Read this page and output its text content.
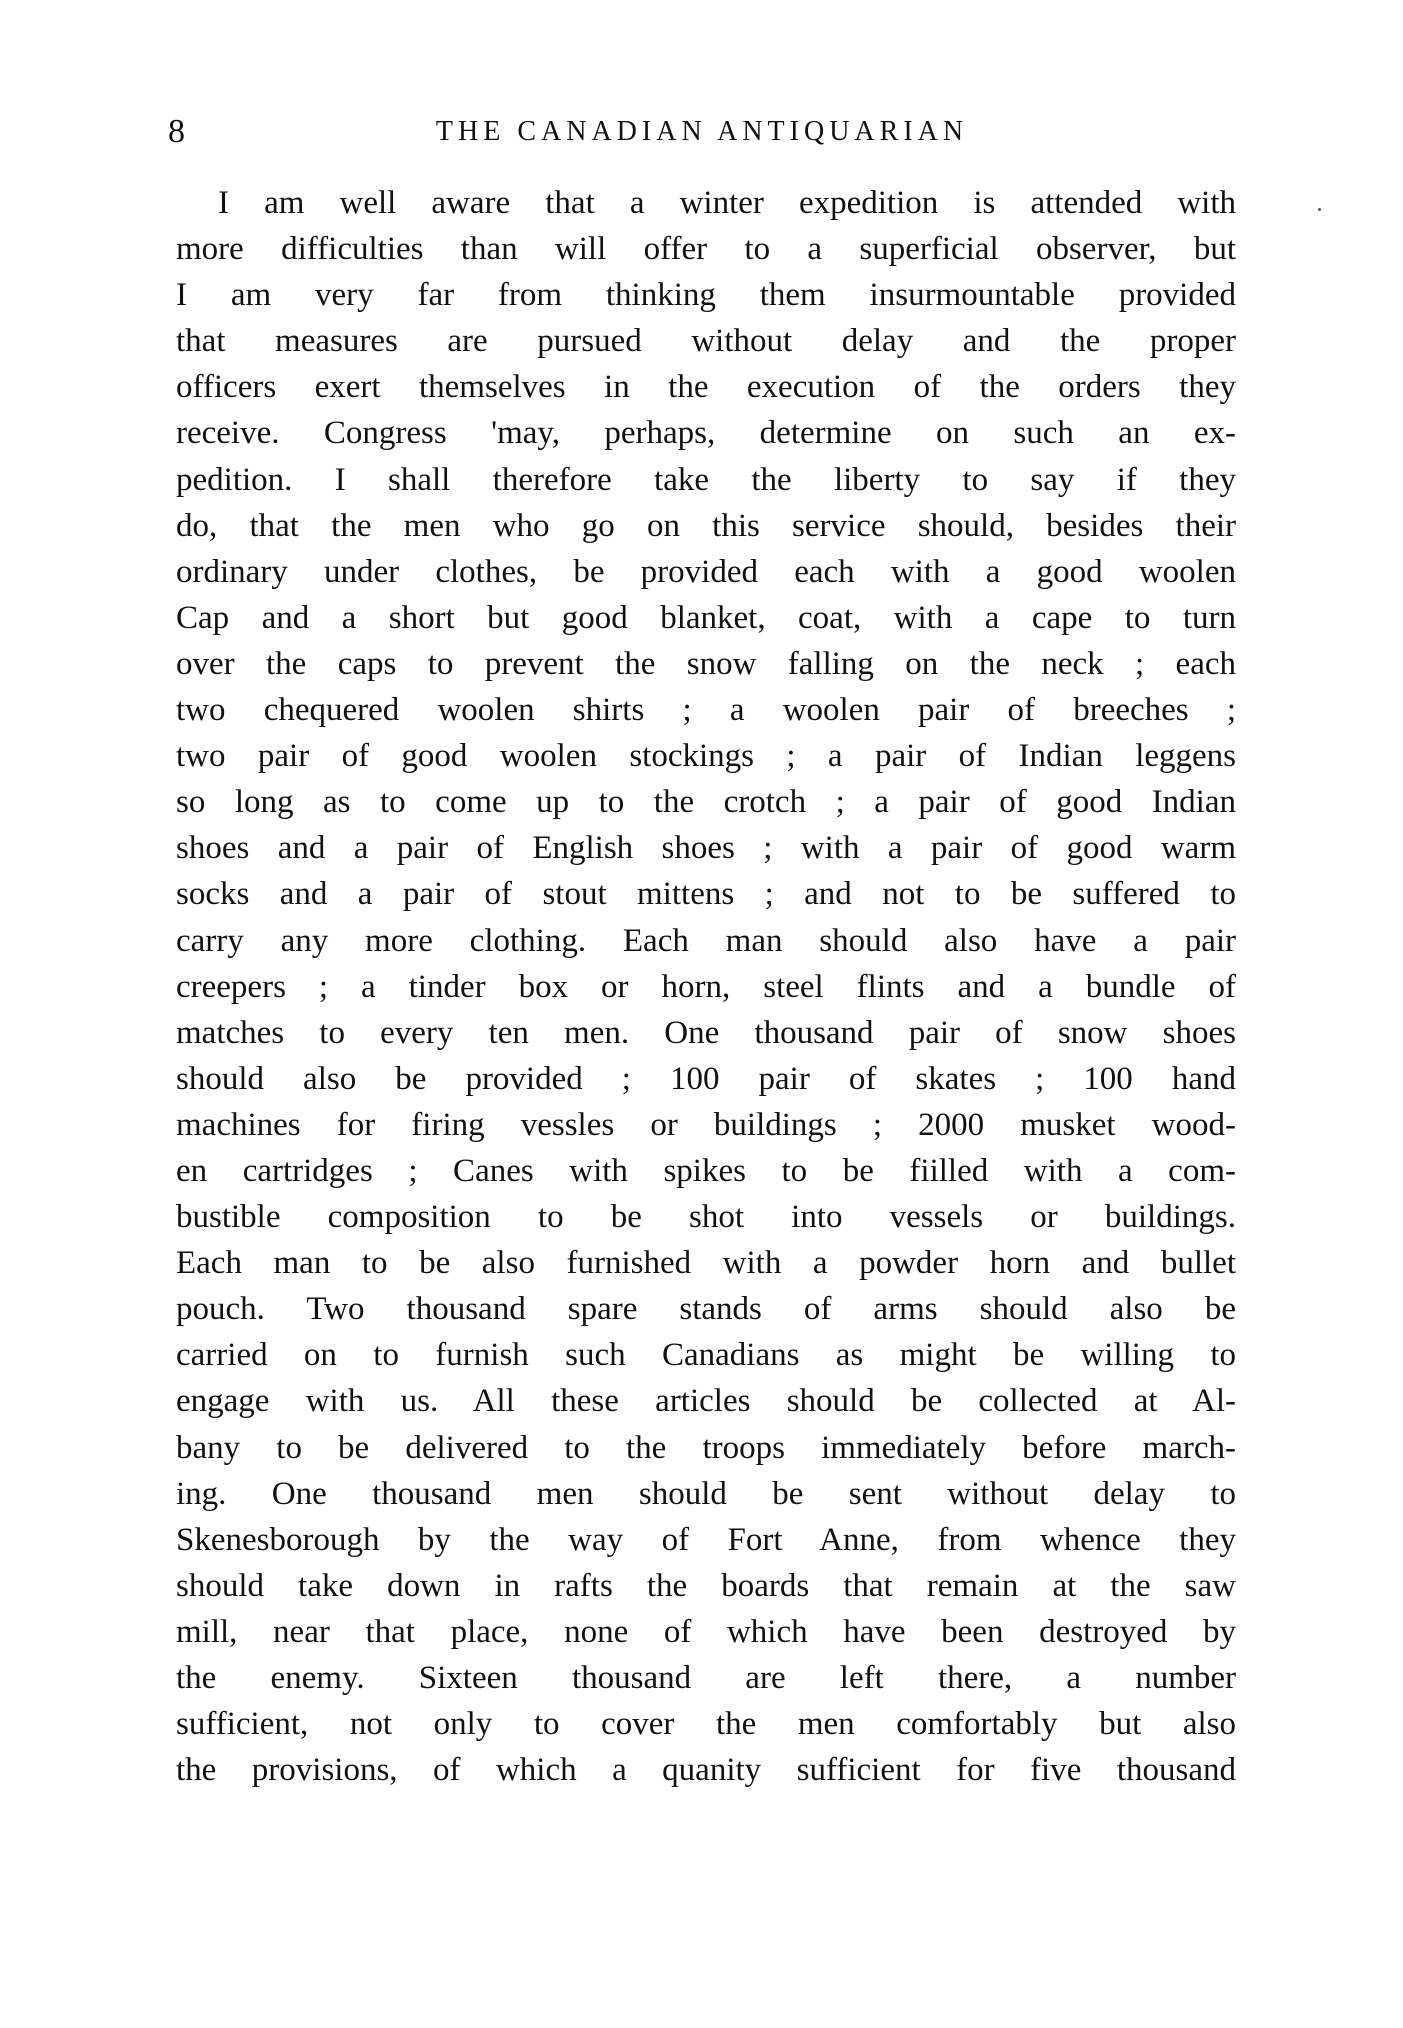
8	THE CANADIAN ANTIQUARIAN
I am well aware that a winter expedition is attended with
more difficulties than will offer to a superficial observer, but
I am very far from thinking them insurmountable provided
that measures are pursued without delay and the proper
officers exert themselves in the execution of the orders they
receive. Congress 'may, perhaps, determine on such an ex-
pedition. I shall therefore take the liberty to say if they
do, that the men who go on this service should, besides their
ordinary under clothes, be provided each with a good woolen
Cap and a short but good blanket, coat, with a cape to turn
over the caps to prevent the snow falling on the neck ; each
two chequered woolen shirts ; a woolen pair of breeches ;
two pair of good woolen stockings ; a pair of Indian leggens
so long as to come up to the crotch ; a pair of good Indian
shoes and a pair of English shoes ; with a pair of good warm
socks and a pair of stout mittens ; and not to be suffered to
carry any more clothing. Each man should also have a pair
creepers ; a tinder box or horn, steel flints and a bundle of
matches to every ten men. One thousand pair of snow shoes
should also be provided ; 100 pair of skates ; 100 hand
machines for firing vessles or buildings ; 2000 musket wood-
en cartridges ; Canes with spikes to be fiilled with a com-
bustible composition to be shot into vessels or buildings.
Each man to be also furnished with a powder horn and bullet
pouch. Two thousand spare stands of arms should also be
carried on to furnish such Canadians as might be willing to
engage with us. All these articles should be collected at Al-
bany to be delivered to the troops immediately before march-
ing. One thousand men should be sent without delay to
Skenesborough by the way of Fort Anne, from whence they
should take down in rafts the boards that remain at the saw
mill, near that place, none of which have been destroyed by
the enemy. Sixteen thousand are left there, a number
sufficient, not only to cover the men comfortably but also
the provisions, of which a quanity sufficient for five thousand
